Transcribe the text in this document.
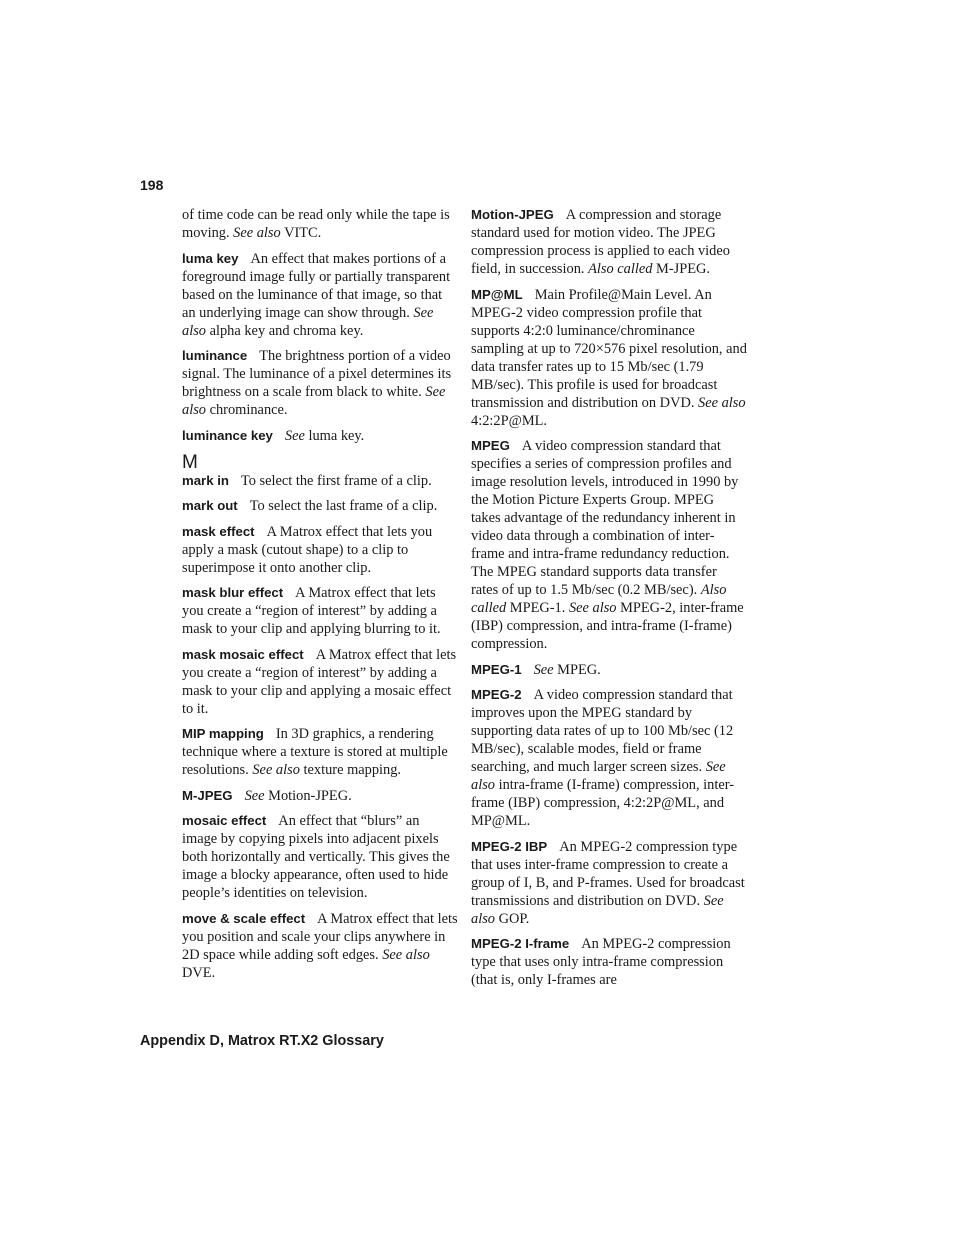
198

of time code can be read only while the tape is moving. See also VITC.

luma key An effect that makes portions of a foreground image fully or partially transparent based on the luminance of that image, so that an underlying image can show through. See also alpha key and chroma key.

luminance The brightness portion of a video signal. The luminance of a pixel determines its brightness on a scale from black to white. See also chrominance.

luminance key See luma key.

M

mark in To select the first frame of a clip.

mark out To select the last frame of a clip.

mask effect A Matrox effect that lets you apply a mask (cutout shape) to a clip to superimpose it onto another clip.

mask blur effect A Matrox effect that lets you create a “region of interest” by adding a mask to your clip and applying blurring to it.

mask mosaic effect A Matrox effect that lets you create a “region of interest” by adding a mask to your clip and applying a mosaic effect to it.

MIP mapping In 3D graphics, a rendering technique where a texture is stored at multiple resolutions. See also texture mapping.

M-JPEG See Motion-JPEG.

mosaic effect An effect that “blurs” an image by copying pixels into adjacent pixels both horizontally and vertically. This gives the image a blocky appearance, often used to hide people’s identities on television.

move & scale effect A Matrox effect that lets you position and scale your clips anywhere in 2D space while adding soft edges. See also DVE.

Motion-JPEG A compression and storage standard used for motion video. The JPEG compression process is applied to each video field, in succession. Also called M-JPEG.

MP@ML Main Profile@Main Level. An MPEG-2 video compression profile that supports 4:2:0 luminance/chrominance sampling at up to 720×576 pixel resolution, and data transfer rates up to 15 Mb/sec (1.79 MB/sec). This profile is used for broadcast transmission and distribution on DVD. See also 4:2:2P@ML.

MPEG A video compression standard that specifies a series of compression profiles and image resolution levels, introduced in 1990 by the Motion Picture Experts Group. MPEG takes advantage of the redundancy inherent in video data through a combination of inter-frame and intra-frame redundancy reduction. The MPEG standard supports data transfer rates of up to 1.5 Mb/sec (0.2 MB/sec). Also called MPEG-1. See also MPEG-2, inter-frame (IBP) compression, and intra-frame (I-frame) compression.

MPEG-1 See MPEG.

MPEG-2 A video compression standard that improves upon the MPEG standard by supporting data rates of up to 100 Mb/sec (12 MB/sec), scalable modes, field or frame searching, and much larger screen sizes. See also intra-frame (I-frame) compression, inter-frame (IBP) compression, 4:2:2P@ML, and MP@ML.

MPEG-2 IBP An MPEG-2 compression type that uses inter-frame compression to create a group of I, B, and P-frames. Used for broadcast transmissions and distribution on DVD. See also GOP.

MPEG-2 I-frame An MPEG-2 compression type that uses only intra-frame compression (that is, only I-frames are

Appendix D, Matrox RT.X2 Glossary
